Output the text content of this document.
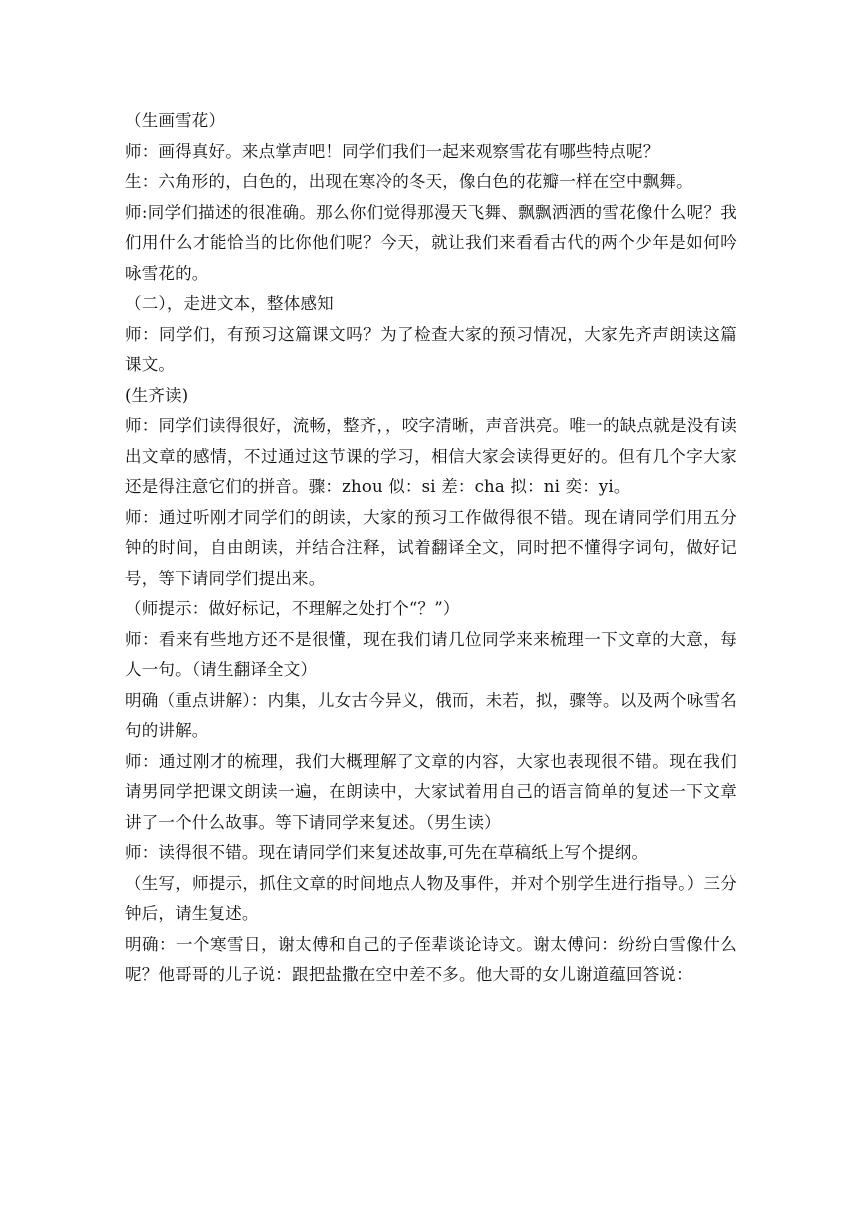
（生画雪花）

师：画得真好。来点掌声吧！同学们我们一起来观察雪花有哪些特点呢？

生：六角形的，白色的，出现在寒冷的冬天，像白色的花瓣一样在空中飘舞。

师:同学们描述的很准确。那么你们觉得那漫天飞舞、飘飘洒洒的雪花像什么呢？我们用什么才能恰当的比你他们呢？今天，就让我们来看看古代的两个少年是如何吟咏雪花的。

（二），走进文本，整体感知

师：同学们，有预习这篇课文吗？为了检查大家的预习情况，大家先齐声朗读这篇课文。

(生齐读)

师：同学们读得很好，流畅，整齐，，咬字清晰，声音洪亮。唯一的缺点就是没有读出文章的感情，不过通过这节课的学习，相信大家会读得更好的。但有几个字大家还是得注意它们的拼音。骤：zhou 似：si 差：cha 拟：ni 奕：yi。

师：通过听刚才同学们的朗读，大家的预习工作做得很不错。现在请同学们用五分钟的时间，自由朗读，并结合注释，试着翻译全文，同时把不懂得字词句，做好记号，等下请同学们提出来。

（师提示：做好标记，不理解之处打个“？”）

师：看来有些地方还不是很懂，现在我们请几位同学来来梳理一下文章的大意，每人一句。（请生翻译全文）

明确（重点讲解）：内集，儿女古今异义，俄而，未若，拟，骤等。以及两个咏雪名句的讲解。

师：通过刚才的梳理，我们大概理解了文章的内容，大家也表现很不错。现在我们请男同学把课文朗读一遍，在朗读中，大家试着用自己的语言简单的复述一下文章讲了一个什么故事。等下请同学来复述。（男生读）

师：读得很不错。现在请同学们来复述故事,可先在草稿纸上写个提纲。

（生写，师提示，抓住文章的时间地点人物及事件，并对个别学生进行指导。）三分钟后，请生复述。

明确：一个寒雪日，谢太傅和自己的子侄辈谈论诗文。谢太傅问：纷纷白雪像什么呢？他哥哥的儿子说：跟把盐撒在空中差不多。他大哥的女儿谢道蕴回答说：
